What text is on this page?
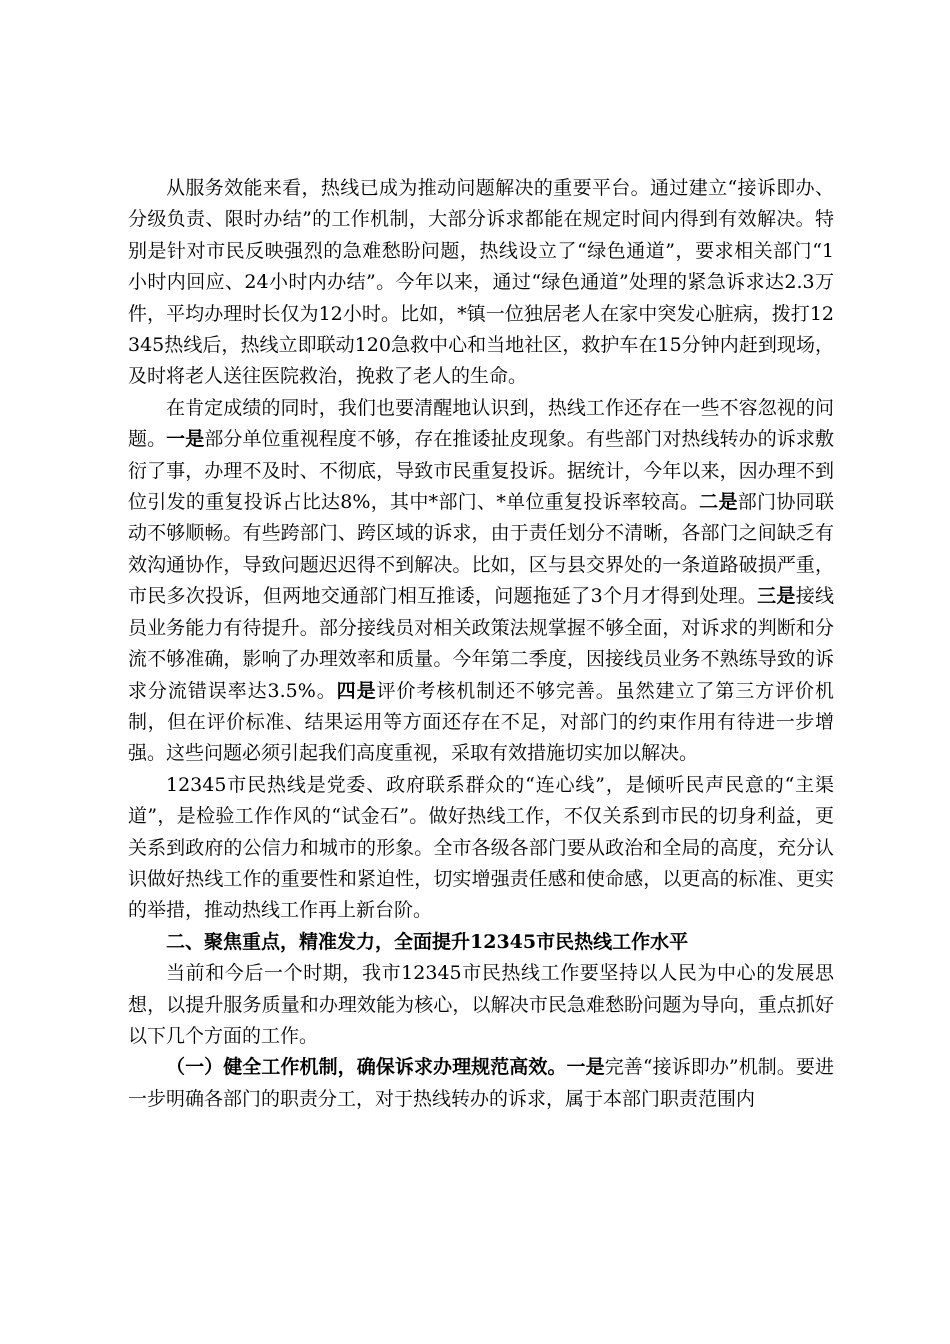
从服务效能来看，热线已成为推动问题解决的重要平台。通过建立“接诉即办、分级负责、限时办结”的工作机制，大部分诉求都能在规定时间内得到有效解决。特别是针对市民反映强烈的急难愁盼问题，热线设立了“绿色通道”，要求相关部门“1小时内回应、24小时内办结”。今年以来，通过“绿色通道”处理的紧急诉求达2.3万件，平均办理时长仅为12小时。比如，*镇一位独居老人在家中突发心脏病，拨打12345热线后，热线立即联动120急救中心和当地社区，救护车在15分钟内赶到现场，及时将老人送往医院救治，挽救了老人的生命。

在肯定成绩的同时，我们也要清醒地认识到，热线工作还存在一些不容忽视的问题。一是部分单位重视程度不够，存在推诿扯皮现象。有些部门对热线转办的诉求敷衍了事，办理不及时、不彻底，导致市民重复投诉。据统计，今年以来，因办理不到位引发的重复投诉占比达8%，其中*部门、*单位重复投诉率较高。二是部门协同联动不够顺畅。有些跨部门、跨区域的诉求，由于责任划分不清晰，各部门之间缺乏有效沟通协作，导致问题迟迟得不到解决。比如，区与县交界处的一条道路破损严重，市民多次投诉，但两地交通部门相互推诿，问题拖延了3个月才得到处理。三是接线员业务能力有待提升。部分接线员对相关政策法规掌握不够全面，对诉求的判断和分流不够准确，影响了办理效率和质量。今年第二季度，因接线员业务不熟练导致的诉求分流错误率达3.5%。四是评价考核机制还不够完善。虽然建立了第三方评价机制，但在评价标准、结果运用等方面还存在不足，对部门的约束作用有待进一步增强。这些问题必须引起我们高度重视，采取有效措施切实加以解决。

12345市民热线是党委、政府联系群众的“连心线”，是倾听民声民意的“主渠道”，是检验工作作风的“试金石”。做好热线工作，不仅关系到市民的切身利益，更关系到政府的公信力和城市的形象。全市各级各部门要从政治和全局的高度，充分认识做好热线工作的重要性和紧迫性，切实增强责任感和使命感，以更高的标准、更实的举措，推动热线工作再上新台阶。

二、聚焦重点，精准发力，全面提升12345市民热线工作水平

当前和今后一个时期，我市12345市民热线工作要坚持以人民为中心的发展思想，以提升服务质量和办理效能为核心，以解决市民急难愁盼问题为导向，重点抓好以下几个方面的工作。

（一）健全工作机制，确保诉求办理规范高效。一是完善“接诉即办”机制。要进一步明确各部门的职责分工，对于热线转办的诉求，属于本部门职责范围内
